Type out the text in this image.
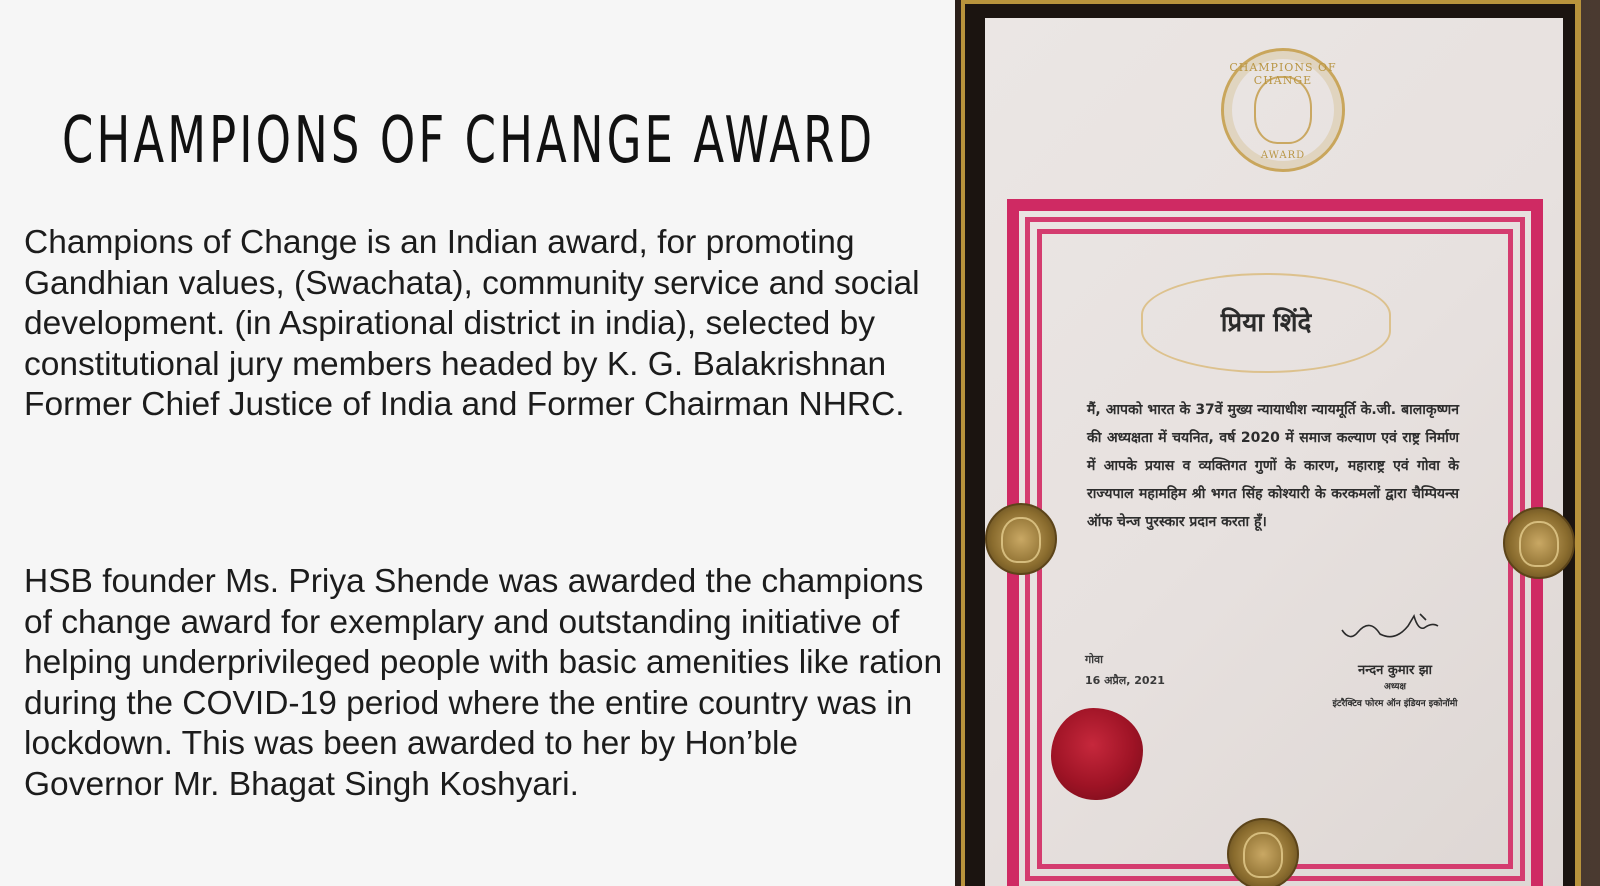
CHAMPIONS OF CHANGE AWARD

Champions of Change is an Indian award, for promoting Gandhian values, (Swachata), community service and social development. (in Aspirational district in india), selected by constitutional jury members headed by K. G. Balakrishnan Former Chief Justice of India and Former Chairman NHRC.

HSB founder Ms. Priya Shende was awarded the champions of change award for exemplary and outstanding initiative of helping underprivileged people with basic amenities like ration during the COVID-19 period where the entire country was in lockdown. This was been awarded to her by Hon’ble Governor Mr. Bhagat Singh Koshyari.

CHAMPIONS OF CHANGE
AWARD
प्रिया शिंदे
मैं, आपको भारत के 37वें मुख्य न्यायाधीश न्यायमूर्ति के.जी. बालाकृष्णन की अध्यक्षता में चयनित, वर्ष 2020 में समाज कल्याण एवं राष्ट्र निर्माण में आपके प्रयास व व्यक्तिगत गुणों के कारण, महाराष्ट्र एवं गोवा के राज्यपाल महामहिम श्री भगत सिंह कोश्यारी के करकमलों द्वारा चैम्पियन्स ऑफ चेन्ज पुरस्कार प्रदान करता हूँ।
गोवा
16 अप्रैल, 2021
नन्दन कुमार झा
अध्यक्ष
इंटरैक्टिव फोरम ऑन इंडियन इकोनॉमी
